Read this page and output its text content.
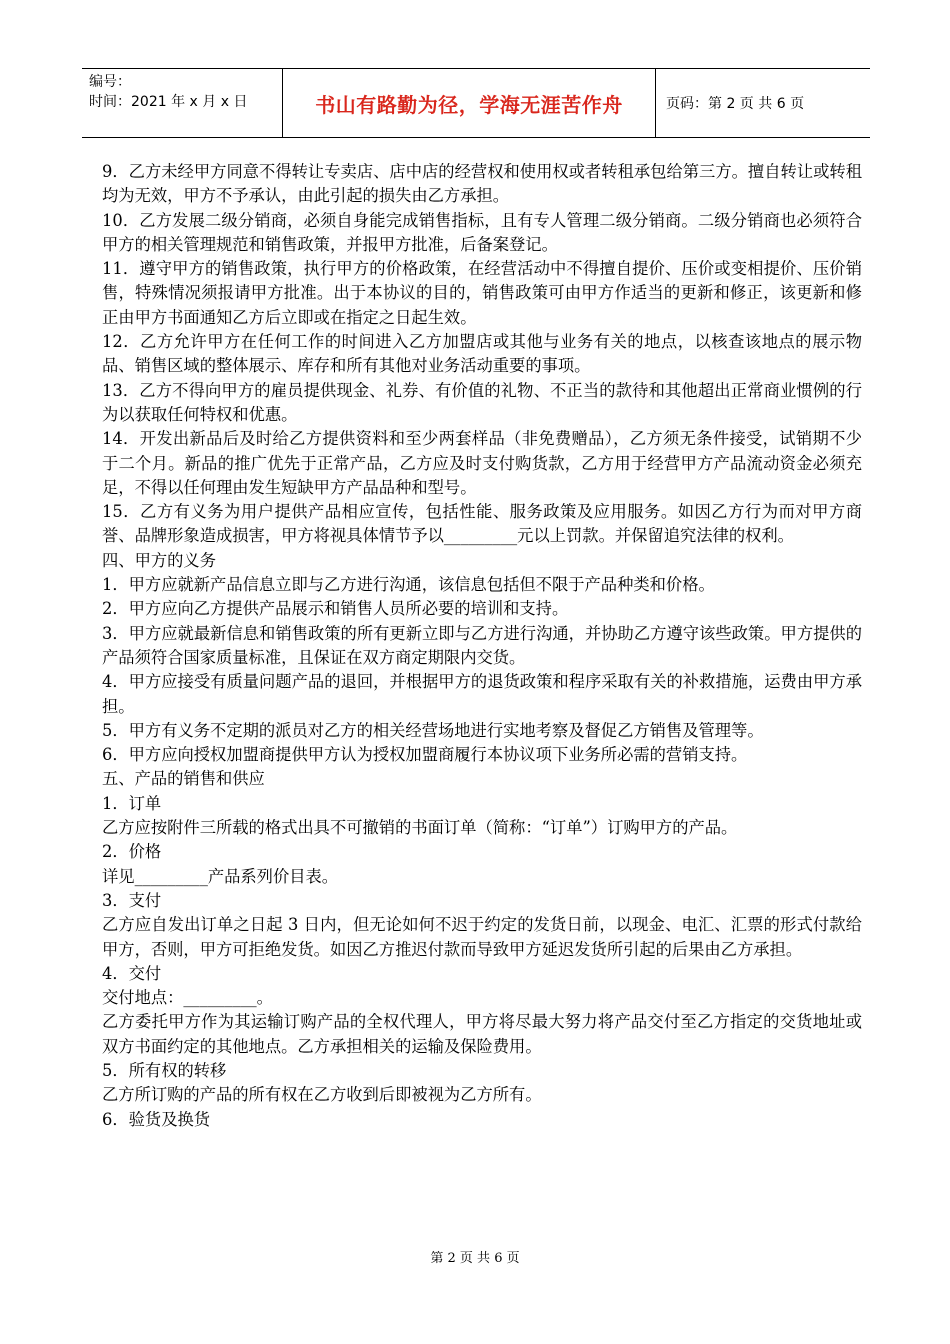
编号：
时间：2021 年 x 月 x 日	书山有路勤为径，学海无涯苦作舟	页码：第 2 页 共 6 页

9．乙方未经甲方同意不得转让专卖店、店中店的经营权和使用权或者转租承包给第三方。擅自转让或转租均为无效，甲方不予承认，由此引起的损失由乙方承担。

10．乙方发展二级分销商，必须自身能完成销售指标，且有专人管理二级分销商。二级分销商也必须符合甲方的相关管理规范和销售政策，并报甲方批准，后备案登记。

11．遵守甲方的销售政策，执行甲方的价格政策，在经营活动中不得擅自提价、压价或变相提价、压价销售，特殊情况须报请甲方批准。出于本协议的目的，销售政策可由甲方作适当的更新和修正，该更新和修正由甲方书面通知乙方后立即或在指定之日起生效。

12．乙方允许甲方在任何工作的时间进入乙方加盟店或其他与业务有关的地点，以核查该地点的展示物品、销售区域的整体展示、库存和所有其他对业务活动重要的事项。

13．乙方不得向甲方的雇员提供现金、礼券、有价值的礼物、不正当的款待和其他超出正常商业惯例的行为以获取任何特权和优惠。

14．开发出新品后及时给乙方提供资料和至少两套样品（非免费赠品），乙方须无条件接受，试销期不少于二个月。新品的推广优先于正常产品，乙方应及时支付购货款，乙方用于经营甲方产品流动资金必须充足，不得以任何理由发生短缺甲方产品品种和型号。

15．乙方有义务为用户提供产品相应宣传，包括性能、服务政策及应用服务。如因乙方行为而对甲方商誉、品牌形象造成损害，甲方将视具体情节予以_________元以上罚款。并保留追究法律的权利。

四、甲方的义务

1．甲方应就新产品信息立即与乙方进行沟通，该信息包括但不限于产品种类和价格。

2．甲方应向乙方提供产品展示和销售人员所必要的培训和支持。

3．甲方应就最新信息和销售政策的所有更新立即与乙方进行沟通，并协助乙方遵守该些政策。甲方提供的产品须符合国家质量标准，且保证在双方商定期限内交货。

4．甲方应接受有质量问题产品的退回，并根据甲方的退货政策和程序采取有关的补救措施，运费由甲方承担。

5．甲方有义务不定期的派员对乙方的相关经营场地进行实地考察及督促乙方销售及管理等。

6．甲方应向授权加盟商提供甲方认为授权加盟商履行本协议项下业务所必需的营销支持。

五、产品的销售和供应

1．订单

乙方应按附件三所载的格式出具不可撤销的书面订单（简称：“订单”）订购甲方的产品。

2．价格

详见_________产品系列价目表。

3．支付

乙方应自发出订单之日起 3 日内，但无论如何不迟于约定的发货日前，以现金、电汇、汇票的形式付款给甲方，否则，甲方可拒绝发货。如因乙方推迟付款而导致甲方延迟发货所引起的后果由乙方承担。

4．交付

交付地点：_________。

乙方委托甲方作为其运输订购产品的全权代理人，甲方将尽最大努力将产品交付至乙方指定的交货地址或双方书面约定的其他地点。乙方承担相关的运输及保险费用。

5．所有权的转移

乙方所订购的产品的所有权在乙方收到后即被视为乙方所有。

6．验货及换货

第 2 页 共 6 页
